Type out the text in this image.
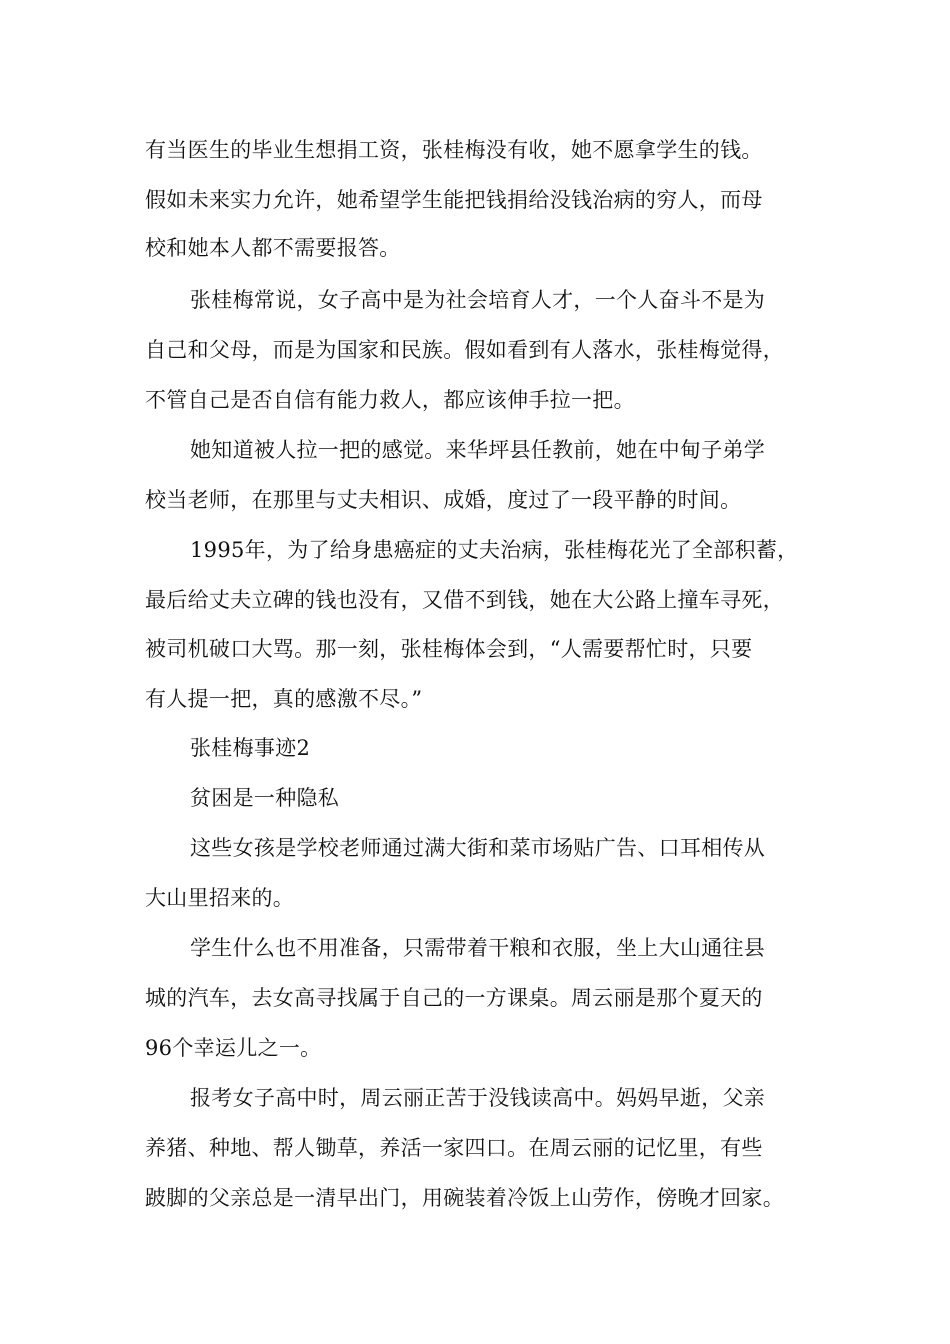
有当医生的毕业生想捐工资，张桂梅没有收，她不愿拿学生的钱。
假如未来实力允许，她希望学生能把钱捐给没钱治病的穷人，而母
校和她本人都不需要报答。
张桂梅常说，女子高中是为社会培育人才，一个人奋斗不是为
自己和父母，而是为国家和民族。假如看到有人落水，张桂梅觉得，
不管自己是否自信有能力救人，都应该伸手拉一把。
她知道被人拉一把的感觉。来华坪县任教前，她在中甸子弟学
校当老师，在那里与丈夫相识、成婚，度过了一段平静的时间。
1995年，为了给身患癌症的丈夫治病，张桂梅花光了全部积蓄，
最后给丈夫立碑的钱也没有，又借不到钱，她在大公路上撞车寻死，
被司机破口大骂。那一刻，张桂梅体会到，“人需要帮忙时，只要
有人提一把，真的感激不尽。”
张桂梅事迹2
贫困是一种隐私
这些女孩是学校老师通过满大街和菜市场贴广告、口耳相传从
大山里招来的。
学生什么也不用准备，只需带着干粮和衣服，坐上大山通往县
城的汽车，去女高寻找属于自己的一方课桌。周云丽是那个夏天的
96个幸运儿之一。
报考女子高中时，周云丽正苦于没钱读高中。妈妈早逝，父亲
养猪、种地、帮人锄草，养活一家四口。在周云丽的记忆里，有些
跛脚的父亲总是一清早出门，用碗装着冷饭上山劳作，傍晚才回家。
